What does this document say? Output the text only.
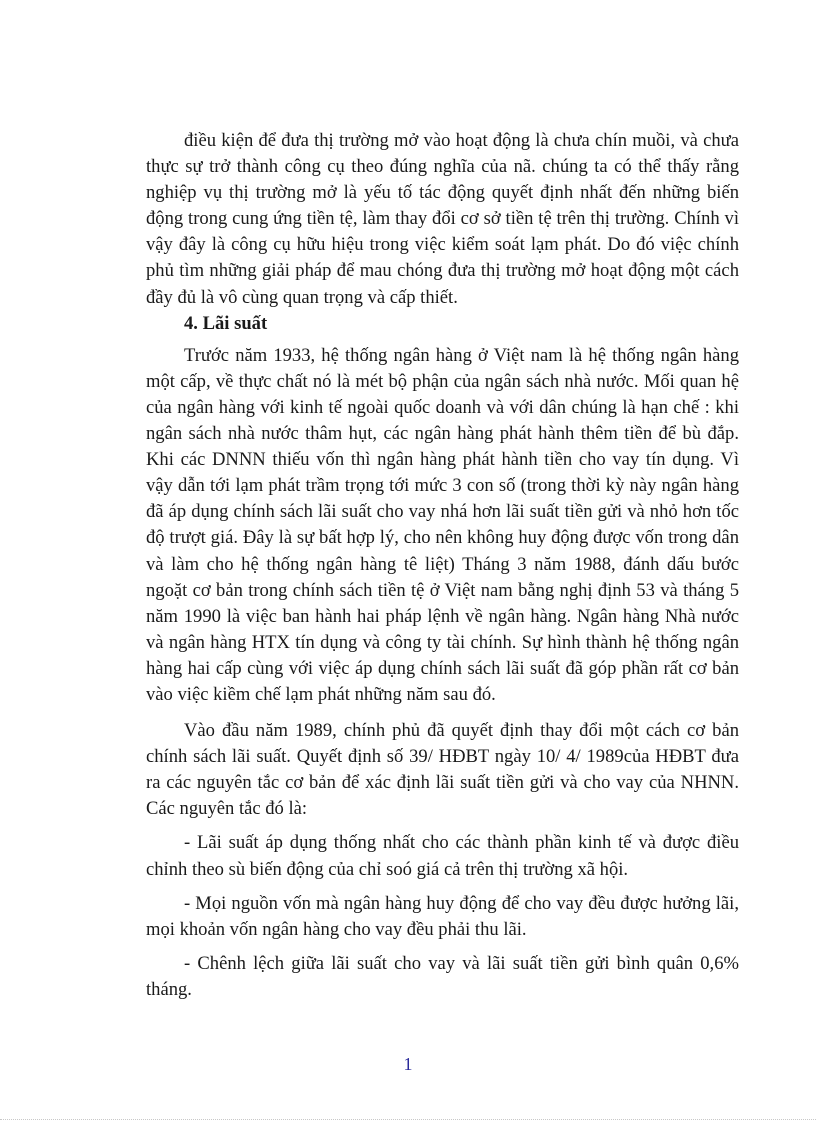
điều kiện để đưa thị trường mở vào hoạt động là chưa chín muồi, và chưa thực sự trở thành công cụ theo đúng nghĩa của nã. chúng ta có thể thấy rằng nghiệp vụ thị trường mở là yếu tố tác động quyết định nhất đến những biến động trong cung ứng tiền tệ, làm thay đổi cơ sở tiền tệ trên thị trường. Chính vì vậy đây là công cụ hữu hiệu trong việc kiểm soát lạm phát. Do đó việc chính phủ tìm những giải pháp để mau chóng đưa thị trường mở hoạt động một cách đầy đủ là vô cùng quan trọng và cấp thiết.

4. Lãi suất

Trước năm 1933, hệ thống ngân hàng ở Việt nam là hệ thống ngân hàng một cấp, về thực chất nó là mét bộ phận của ngân sách nhà nước. Mối quan hệ của ngân hàng với kinh tế ngoài quốc doanh và với dân chúng là hạn chế : khi ngân sách nhà nước thâm hụt, các ngân hàng phát hành thêm tiền để bù đắp. Khi các DNNN thiếu vốn thì ngân hàng phát hành tiền cho vay tín dụng. Vì vậy dẫn tới lạm phát trầm trọng tới mức 3 con số (trong thời kỳ này ngân hàng đã áp dụng chính sách lãi suất cho vay nhá hơn lãi suất tiền gửi và nhỏ hơn tốc độ trượt giá. Đây là sự bất hợp lý, cho nên không huy động được vốn trong dân và làm cho hệ thống ngân hàng tê liệt) Tháng 3 năm 1988, đánh dấu bước ngoặt cơ bản trong chính sách tiền tệ ở Việt nam bằng nghị định 53 và tháng 5 năm 1990 là việc ban hành hai pháp lệnh về ngân hàng. Ngân hàng Nhà nước và ngân hàng HTX tín dụng và công ty tài chính. Sự hình thành hệ thống ngân hàng hai cấp cùng với việc áp dụng chính sách lãi suất đã góp phần rất cơ bản vào việc kiềm chế lạm phát những năm sau đó.

Vào đầu năm 1989, chính phủ đã quyết định thay đổi một cách cơ bản chính sách lãi suất. Quyết định số 39/ HĐBT ngày 10/ 4/ 1989của HĐBT đưa ra các nguyên tắc cơ bản để xác định lãi suất tiền gửi và cho vay của NHNN. Các nguyên tắc đó là:

- Lãi suất áp dụng thống nhất cho các thành phần kinh tế và được điều chỉnh theo sù biến động của chỉ soó giá cả trên thị trường xã hội.

- Mọi nguồn vốn mà ngân hàng huy động để cho vay đều được hưởng lãi, mọi khoản vốn ngân hàng cho vay đều phải thu lãi.

- Chênh lệch giữa lãi suất cho vay và lãi suất tiền gửi bình quân 0,6% tháng.

1
